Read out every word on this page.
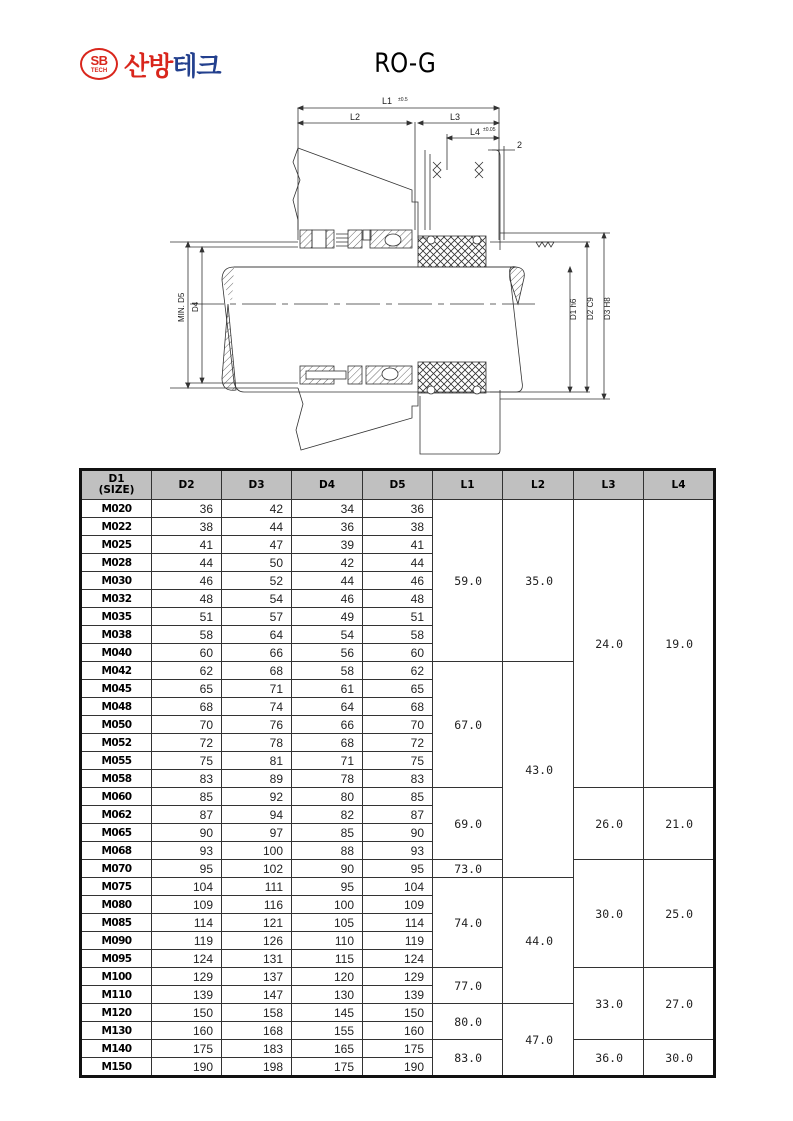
SB
TECH 산방테크	RO-G
L1 ±0.5
L2	L3
L4 ±0.05
2
MIN. D5 D4	D1 h6 D2 C9 D3 H8
D1
(SIZE)	D2	D3	D4	D5	L1	L2	L3	L4
M020	36	42	34	36	59.0	35.0	24.0	19.0
M022	38	44	36	38				
M025	41	47	39	41				
M028	44	50	42	44				
M030	46	52	44	46				
M032	48	54	46	48				
M035	51	57	49	51				
M038	58	64	54	58				
M040	60	66	56	60				
M042	62	68	58	62	67.0	43.0		
M045	65	71	61	65				
M048	68	74	64	68				
M050	70	76	66	70				
M052	72	78	68	72				
M055	75	81	71	75				
M058	83	89	78	83				
M060	85	92	80	85	69.0		26.0	21.0
M062	87	94	82	87				
M065	90	97	85	90				
M068	93	100	88	93				
M070	95	102	90	95	73.0		30.0	25.0
M075	104	111	95	104	74.0	44.0		
M080	109	116	100	109				
M085	114	121	105	114				
M090	119	126	110	119				
M095	124	131	115	124				
M100	129	137	120	129	77.0		33.0	27.0
M110	139	147	130	139				
M120	150	158	145	150	80.0	47.0		
M130	160	168	155	160				
M140	175	183	165	175	83.0		36.0	30.0
M150	190	198	175	190				
